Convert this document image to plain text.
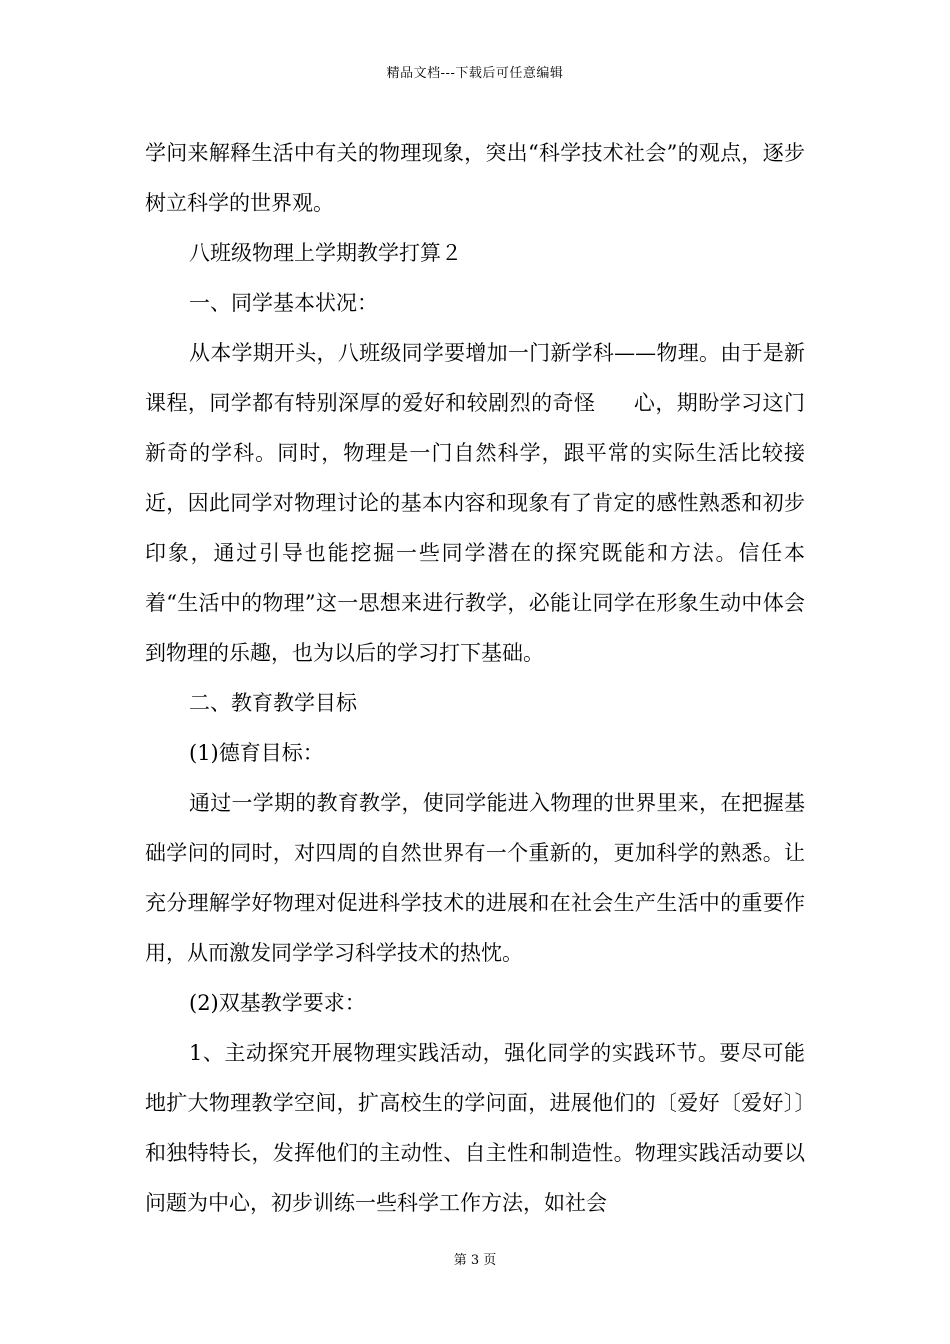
精品文档---下载后可任意编辑

学问来解释生活中有关的物理现象，突出“科学技术社会”的观点，逐步树立科学的世界观。

八班级物理上学期教学打算２

一、同学基本状况：

从本学期开头，八班级同学要增加一门新学科——物理。由于是新课程，同学都有特别深厚的爱好和较剧烈的奇怪 心，期盼学习这门新奇的学科。同时，物理是一门自然科学，跟平常的实际生活比较接近，因此同学对物理讨论的基本内容和现象有了肯定的感性熟悉和初步印象，通过引导也能挖掘一些同学潜在的探究既能和方法。信任本着“生活中的物理”这一思想来进行教学，必能让同学在形象生动中体会到物理的乐趣，也为以后的学习打下基础。

二、教育教学目标

(1)德育目标：

通过一学期的教育教学，使同学能进入物理的世界里来，在把握基础学问的同时，对四周的自然世界有一个重新的，更加科学的熟悉。让充分理解学好物理对促进科学技术的进展和在社会生产生活中的重要作用，从而激发同学学习科学技术的热忱。

(2)双基教学要求：

1、主动探究开展物理实践活动，强化同学的实践环节。要尽可能地扩大物理教学空间，扩高校生的学问面，进展他们的〔爱好〔爱好〕〕和独特特长，发挥他们的主动性、自主性和制造性。物理实践活动要以问题为中心，初步训练一些科学工作方法，如社会

第 3 页
